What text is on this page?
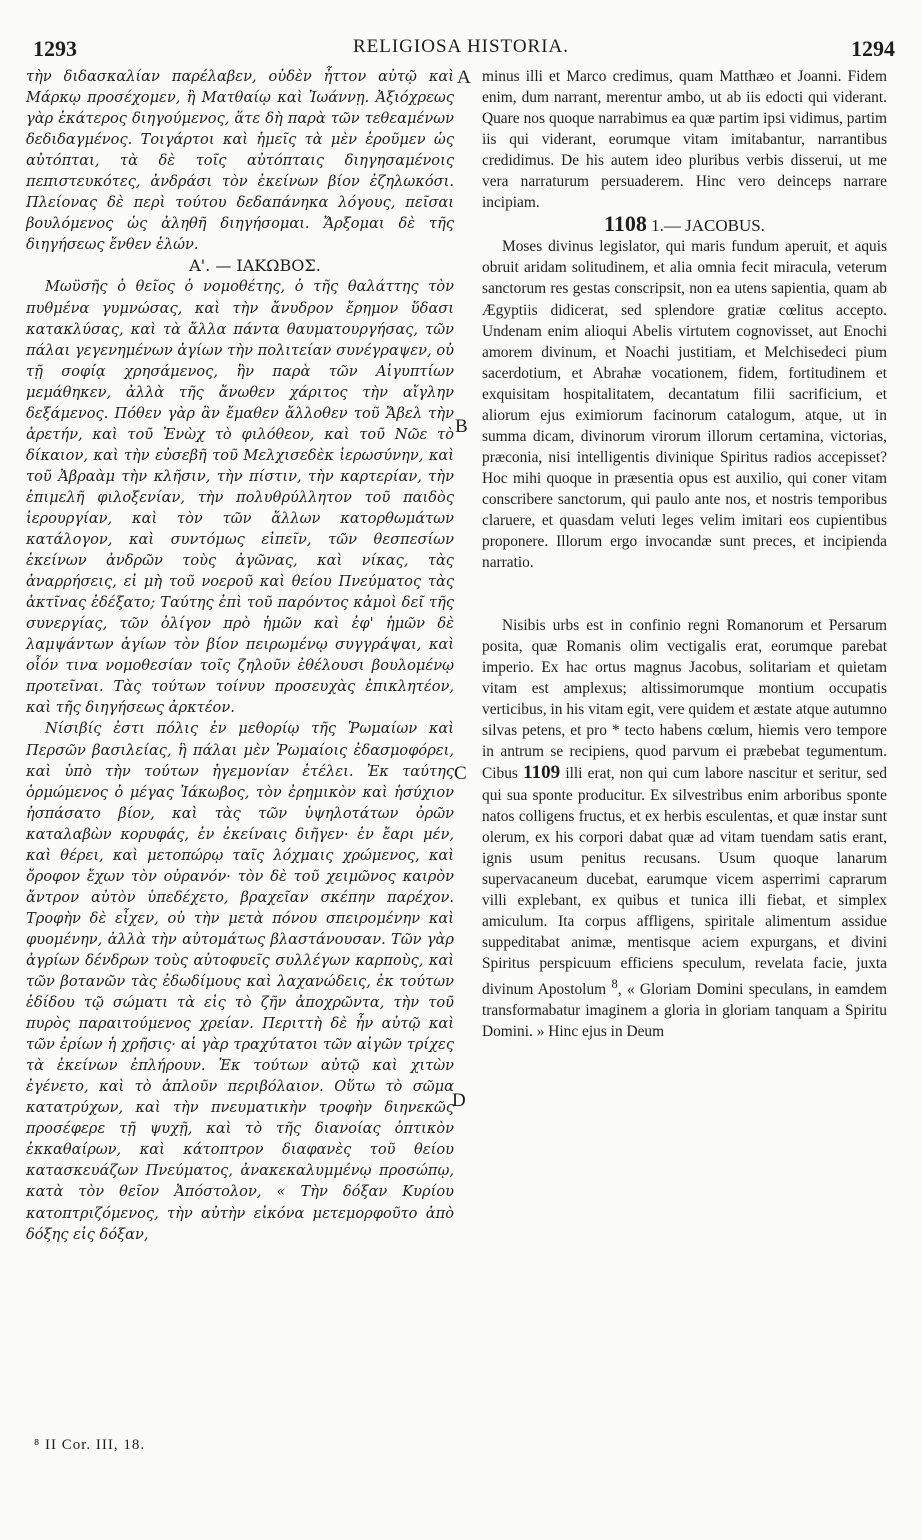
1293	RELIGIOSA HISTORIA.	1294

τὴν διδασκαλίαν παρέλαβεν, οὐδὲν ἧττον αὐτῷ καὶ Μάρκῳ προσέχομεν, ἢ Ματθαίῳ καὶ Ἰωάννῃ. Ἀξιόχρεως γὰρ ἑκάτερος διηγούμενος, ἅτε δὴ παρὰ τῶν τεθεαμένων δεδιδαγμένος. Τοιγάρτοι καὶ ἡμεῖς τὰ μὲν ἐροῦμεν ὡς αὐτόπται, τὰ δὲ τοῖς αὐτόπταις διηγησαμένοις πεπιστευκότες, ἀνδράσι τὸν ἐκείνων βίον ἐζηλωκόσι. Πλείονας δὲ περὶ τούτου δεδαπάνηκα λόγους, πεῖσαι βουλόμενος ὡς ἀληθῆ διηγήσομαι. Ἄρξομαι δὲ τῆς διηγήσεως ἔνθεν ἑλών.

Α'. — ΙΑΚΩΒΟΣ.

Μωϋσῆς ὁ θεῖος ὁ νομοθέτης, ὁ τῆς θαλάττης τὸν πυθμένα γυμνώσας, καὶ τὴν ἄνυδρον ἔρημον ὕδασι κατακλύσας, καὶ τὰ ἄλλα πάντα θαυματουργήσας, τῶν πάλαι γεγενημένων ἁγίων τὴν πολιτείαν συνέγραψεν, οὐ τῇ σοφίᾳ χρησάμενος, ἣν παρὰ τῶν Αἰγυπτίων μεμάθηκεν, ἀλλὰ τῆς ἄνωθεν χάριτος τὴν αἴγλην δεξάμενος. Πόθεν γὰρ ἂν ἔμαθεν ἄλλοθεν τοῦ Ἄβελ τὴν ἀρετήν, καὶ τοῦ Ἐνὼχ τὸ φιλόθεον, καὶ τοῦ Νῶε τὸ δίκαιον, καὶ τὴν εὐσεβῆ τοῦ Μελχισεδὲκ ἱερωσύνην, καὶ τοῦ Ἀβραὰμ τὴν κλῆσιν, τὴν πίστιν, τὴν καρτερίαν, τὴν ἐπιμελῆ φιλοξενίαν, τὴν πολυθρύλλητον τοῦ παιδὸς ἱερουργίαν, καὶ τὸν τῶν ἄλλων κατορθωμάτων κατάλογον, καὶ συντόμως εἰπεῖν, τῶν θεσπεσίων ἐκείνων ἀνδρῶν τοὺς ἀγῶνας, καὶ νίκας, τὰς ἀναρρήσεις, εἰ μὴ τοῦ νοεροῦ καὶ θείου Πνεύματος τὰς ἀκτῖνας ἐδέξατο; Ταύτης ἐπὶ τοῦ παρόντος κἀμοὶ δεῖ τῆς συνεργίας, τῶν ὀλίγον πρὸ ἡμῶν καὶ ἐφ' ἡμῶν δὲ λαμψάντων ἁγίων τὸν βίον πειρωμένῳ συγγράψαι, καὶ οἷόν τινα νομοθεσίαν τοῖς ζηλοῦν ἐθέλουσι βουλομένῳ προτεῖναι. Τὰς τούτων τοίνυν προσευχὰς ἐπικλητέον, καὶ τῆς διηγήσεως ἀρκτέον.

Νίσιβίς ἐστι πόλις ἐν μεθορίῳ τῆς Ῥωμαίων καὶ Περσῶν βασιλείας, ἣ πάλαι μὲν Ῥωμαίοις ἐδασμοφόρει, καὶ ὑπὸ τὴν τούτων ἡγεμονίαν ἐτέλει. Ἐκ ταύτης ὁρμώμενος ὁ μέγας Ἰάκωβος, τὸν ἐρημικὸν καὶ ἡσύχιον ἠσπάσατο βίον, καὶ τὰς τῶν ὑψηλοτάτων ὀρῶν καταλαβὼν κορυφάς, ἐν ἐκείναις διῆγεν· ἐν ἔαρι μέν, καὶ θέρει, καὶ μετοπώρῳ ταῖς λόχμαις χρώμενος, καὶ ὄροφον ἔχων τὸν οὐρανόν· τὸν δὲ τοῦ χειμῶνος καιρὸν ἄντρον αὐτὸν ὑπεδέχετο, βραχεῖαν σκέπην παρέχον. Τροφὴν δὲ εἶχεν, οὐ τὴν μετὰ πόνου σπειρομένην καὶ φυομένην, ἀλλὰ τὴν αὐτομάτως βλαστάνουσαν. Τῶν γὰρ ἀγρίων δένδρων τοὺς αὐτοφυεῖς συλλέγων καρποὺς, καὶ τῶν βοτανῶν τὰς ἐδωδίμους καὶ λαχανώδεις, ἐκ τούτων ἐδίδου τῷ σώματι τὰ εἰς τὸ ζῆν ἀποχρῶντα, τὴν τοῦ πυρὸς παραιτούμενος χρείαν. Περιττὴ δὲ ἦν αὐτῷ καὶ τῶν ἐρίων ἡ χρῆσις· αἱ γὰρ τραχύτατοι τῶν αἰγῶν τρίχες τὰ ἐκείνων ἐπλήρουν. Ἐκ τούτων αὐτῷ καὶ χιτὼν ἐγένετο, καὶ τὸ ἁπλοῦν περιβόλαιον. Οὕτω τὸ σῶμα κατατρύχων, καὶ τὴν πνευματικὴν τροφὴν διηνεκῶς προσέφερε τῇ ψυχῇ, καὶ τὸ τῆς διανοίας ὀπτικὸν ἐκκαθαίρων, καὶ κάτοπτρον διαφανὲς τοῦ θείου κατασκευάζων Πνεύματος, ἀνακεκαλυμμένῳ προσώπῳ, κατὰ τὸν θεῖον Ἀπόστολον, « Τὴν δόξαν Κυρίου κατοπτριζόμενος, τὴν αὐτὴν εἰκόνα μετεμορφοῦτο ἀπὸ δόξης εἰς δόξαν,

minus illi et Marco credimus, quam Matthæo et Joanni. Fidem enim, dum narrant, merentur ambo, ut ab iis edocti qui viderant. Quare nos quoque narrabimus ea quæ partim ipsi vidimus, partim iis qui viderant, eorumque vitam imitabantur, narrantibus credidimus. De his autem ideo pluribus verbis disserui, ut me vera narraturum persuaderem. Hinc vero deinceps narrare incipiam.

1108 1.— JACOBUS.

Moses divinus legislator, qui maris fundum aperuit, et aquis obruit aridam solitudinem, et alia omnia fecit miracula, veterum sanctorum res gestas conscripsit, non ea utens sapientia, quam ab Ægyptiis didicerat, sed splendore gratiæ cœlitus accepto. Undenam enim alioqui Abelis virtutem cognovisset, aut Enochi amorem divinum, et Noachi justitiam, et Melchisedeci pium sacerdotium, et Abrahæ vocationem, fidem, fortitudinem et exquisitam hospitalitatem, decantatum filii sacrificium, et aliorum ejus eximiorum facinorum catalogum, atque, ut in summa dicam, divinorum virorum illorum certamina, victorias, præconia, nisi intelligentis divinique Spiritus radios accepisset? Hoc mihi quoque in præsentia opus est auxilio, qui coner vitam conscribere sanctorum, qui paulo ante nos, et nostris temporibus claruere, et quasdam veluti leges velim imitari eos cupientibus proponere. Illorum ergo invocandæ sunt preces, et incipienda narratio.

Nisibis urbs est in confinio regni Romanorum et Persarum posita, quæ Romanis olim vectigalis erat, eorumque parebat imperio. Ex hac ortus magnus Jacobus, solitariam et quietam vitam est amplexus; altissimorumque montium occupatis verticibus, in his vitam egit, vere quidem et æstate atque autumno silvas petens, et pro * tecto habens cœlum, hiemis vero tempore in antrum se recipiens, quod parvum ei præbebat tegumentum. Cibus 1109 illi erat, non qui cum labore nascitur et seritur, sed qui sua sponte producitur. Ex silvestribus enim arboribus sponte natos colligens fructus, et ex herbis esculentas, et quæ instar sunt olerum, ex his corpori dabat quæ ad vitam tuendam satis erant, ignis usum penitus recusans. Usum quoque lanarum supervacaneum ducebat, earumque vicem asperrimi caprarum villi explebant, ex quibus et tunica illi fiebat, et simplex amiculum. Ita corpus affligens, spiritale alimentum assidue suppeditabat animæ, mentisque aciem expurgans, et divini Spiritus perspicuum efficiens speculum, revelata facie, juxta divinum Apostolum $^8$, « Gloriam Domini speculans, in eamdem transformabatur imaginem a gloria in gloriam tanquam a Spiritu Domini. » Hinc ejus in Deum

A
B
C
D
⁸ II Cor. III, 18.
